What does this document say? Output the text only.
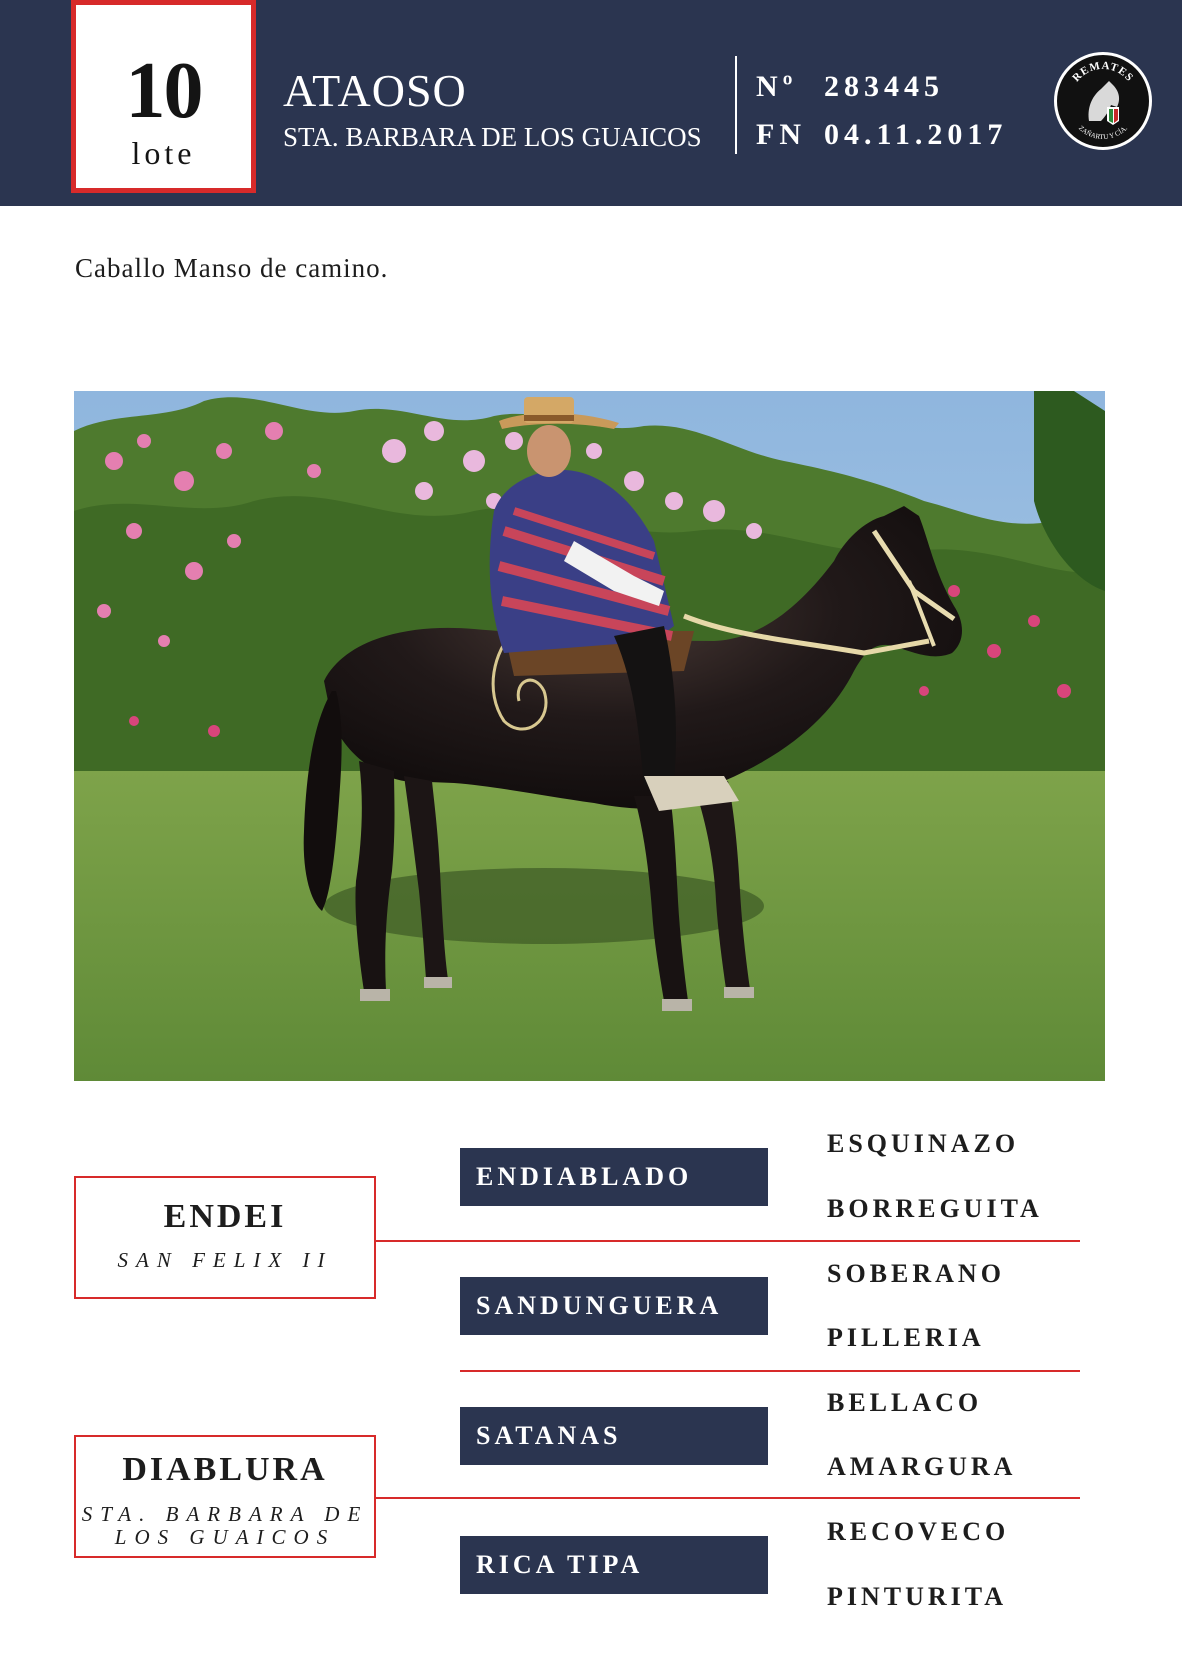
10
lote
ATAOSO
STA. BARBARA DE LOS GUAICOS
Nº 283445
FN 04.11.2017
REMATES
ZAÑARTU Y CÍA.
Caballo Manso de camino.
ENDEI
SAN FELIX II
DIABLURA
STA. BARBARA DE
LOS GUAICOS
ENDIABLADO
SANDUNGUERA
SATANAS
RICA TIPA
ESQUINAZO
BORREGUITA
SOBERANO
PILLERIA
BELLACO
AMARGURA
RECOVECO
PINTURITA
